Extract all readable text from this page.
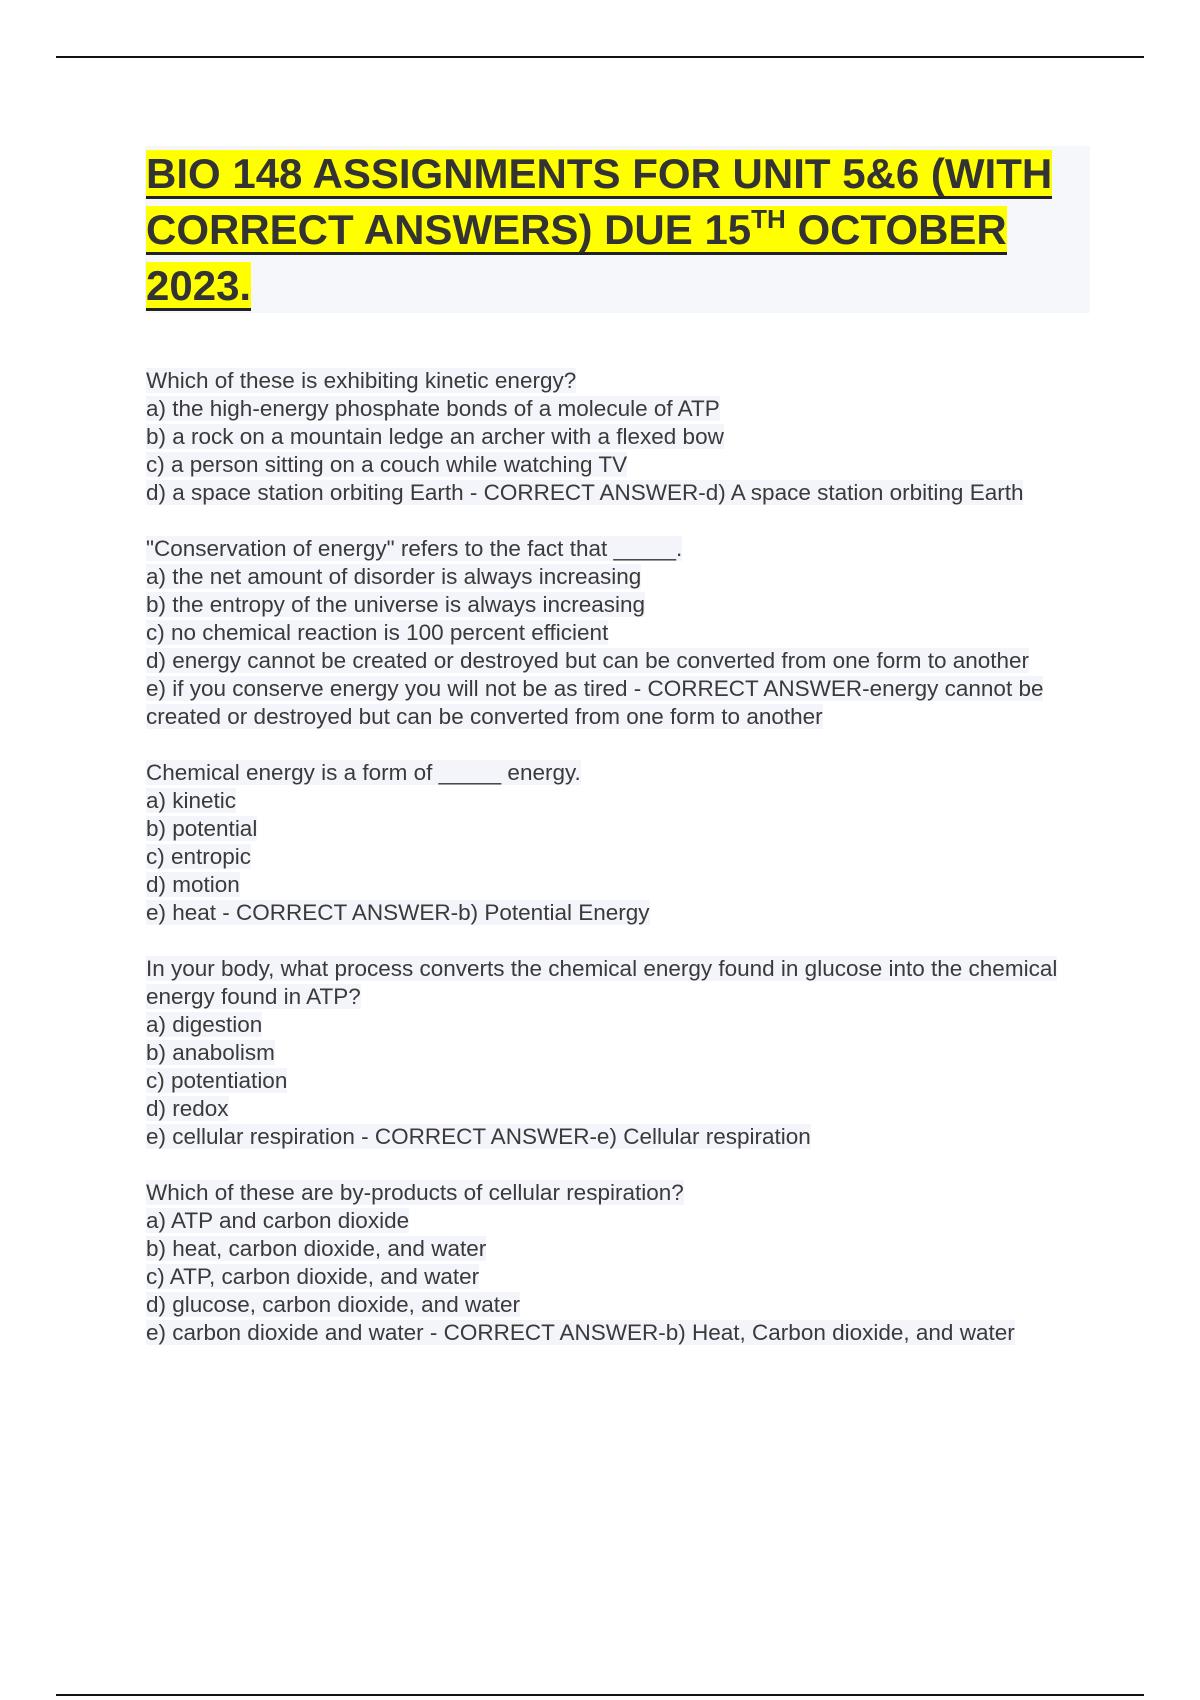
BIO 148 ASSIGNMENTS FOR UNIT 5&6 (WITH CORRECT ANSWERS) DUE 15TH OCTOBER 2023.

Which of these is exhibiting kinetic energy?

a) the high-energy phosphate bonds of a molecule of ATP

b) a rock on a mountain ledge an archer with a flexed bow

c) a person sitting on a couch while watching TV

d) a space station orbiting Earth - CORRECT ANSWER-d) A space station orbiting Earth

"Conservation of energy" refers to the fact that _____.

a) the net amount of disorder is always increasing

b) the entropy of the universe is always increasing

c) no chemical reaction is 100 percent efficient

d) energy cannot be created or destroyed but can be converted from one form to another

e) if you conserve energy you will not be as tired - CORRECT ANSWER-energy cannot be created or destroyed but can be converted from one form to another

Chemical energy is a form of _____ energy.

a) kinetic

b) potential

c) entropic

d) motion

e) heat - CORRECT ANSWER-b) Potential Energy

In your body, what process converts the chemical energy found in glucose into the chemical energy found in ATP?

a) digestion

b) anabolism

c) potentiation

d) redox

e) cellular respiration - CORRECT ANSWER-e) Cellular respiration

Which of these are by-products of cellular respiration?

a) ATP and carbon dioxide

b) heat, carbon dioxide, and water

c) ATP, carbon dioxide, and water

d) glucose, carbon dioxide, and water

e) carbon dioxide and water - CORRECT ANSWER-b) Heat, Carbon dioxide, and water
